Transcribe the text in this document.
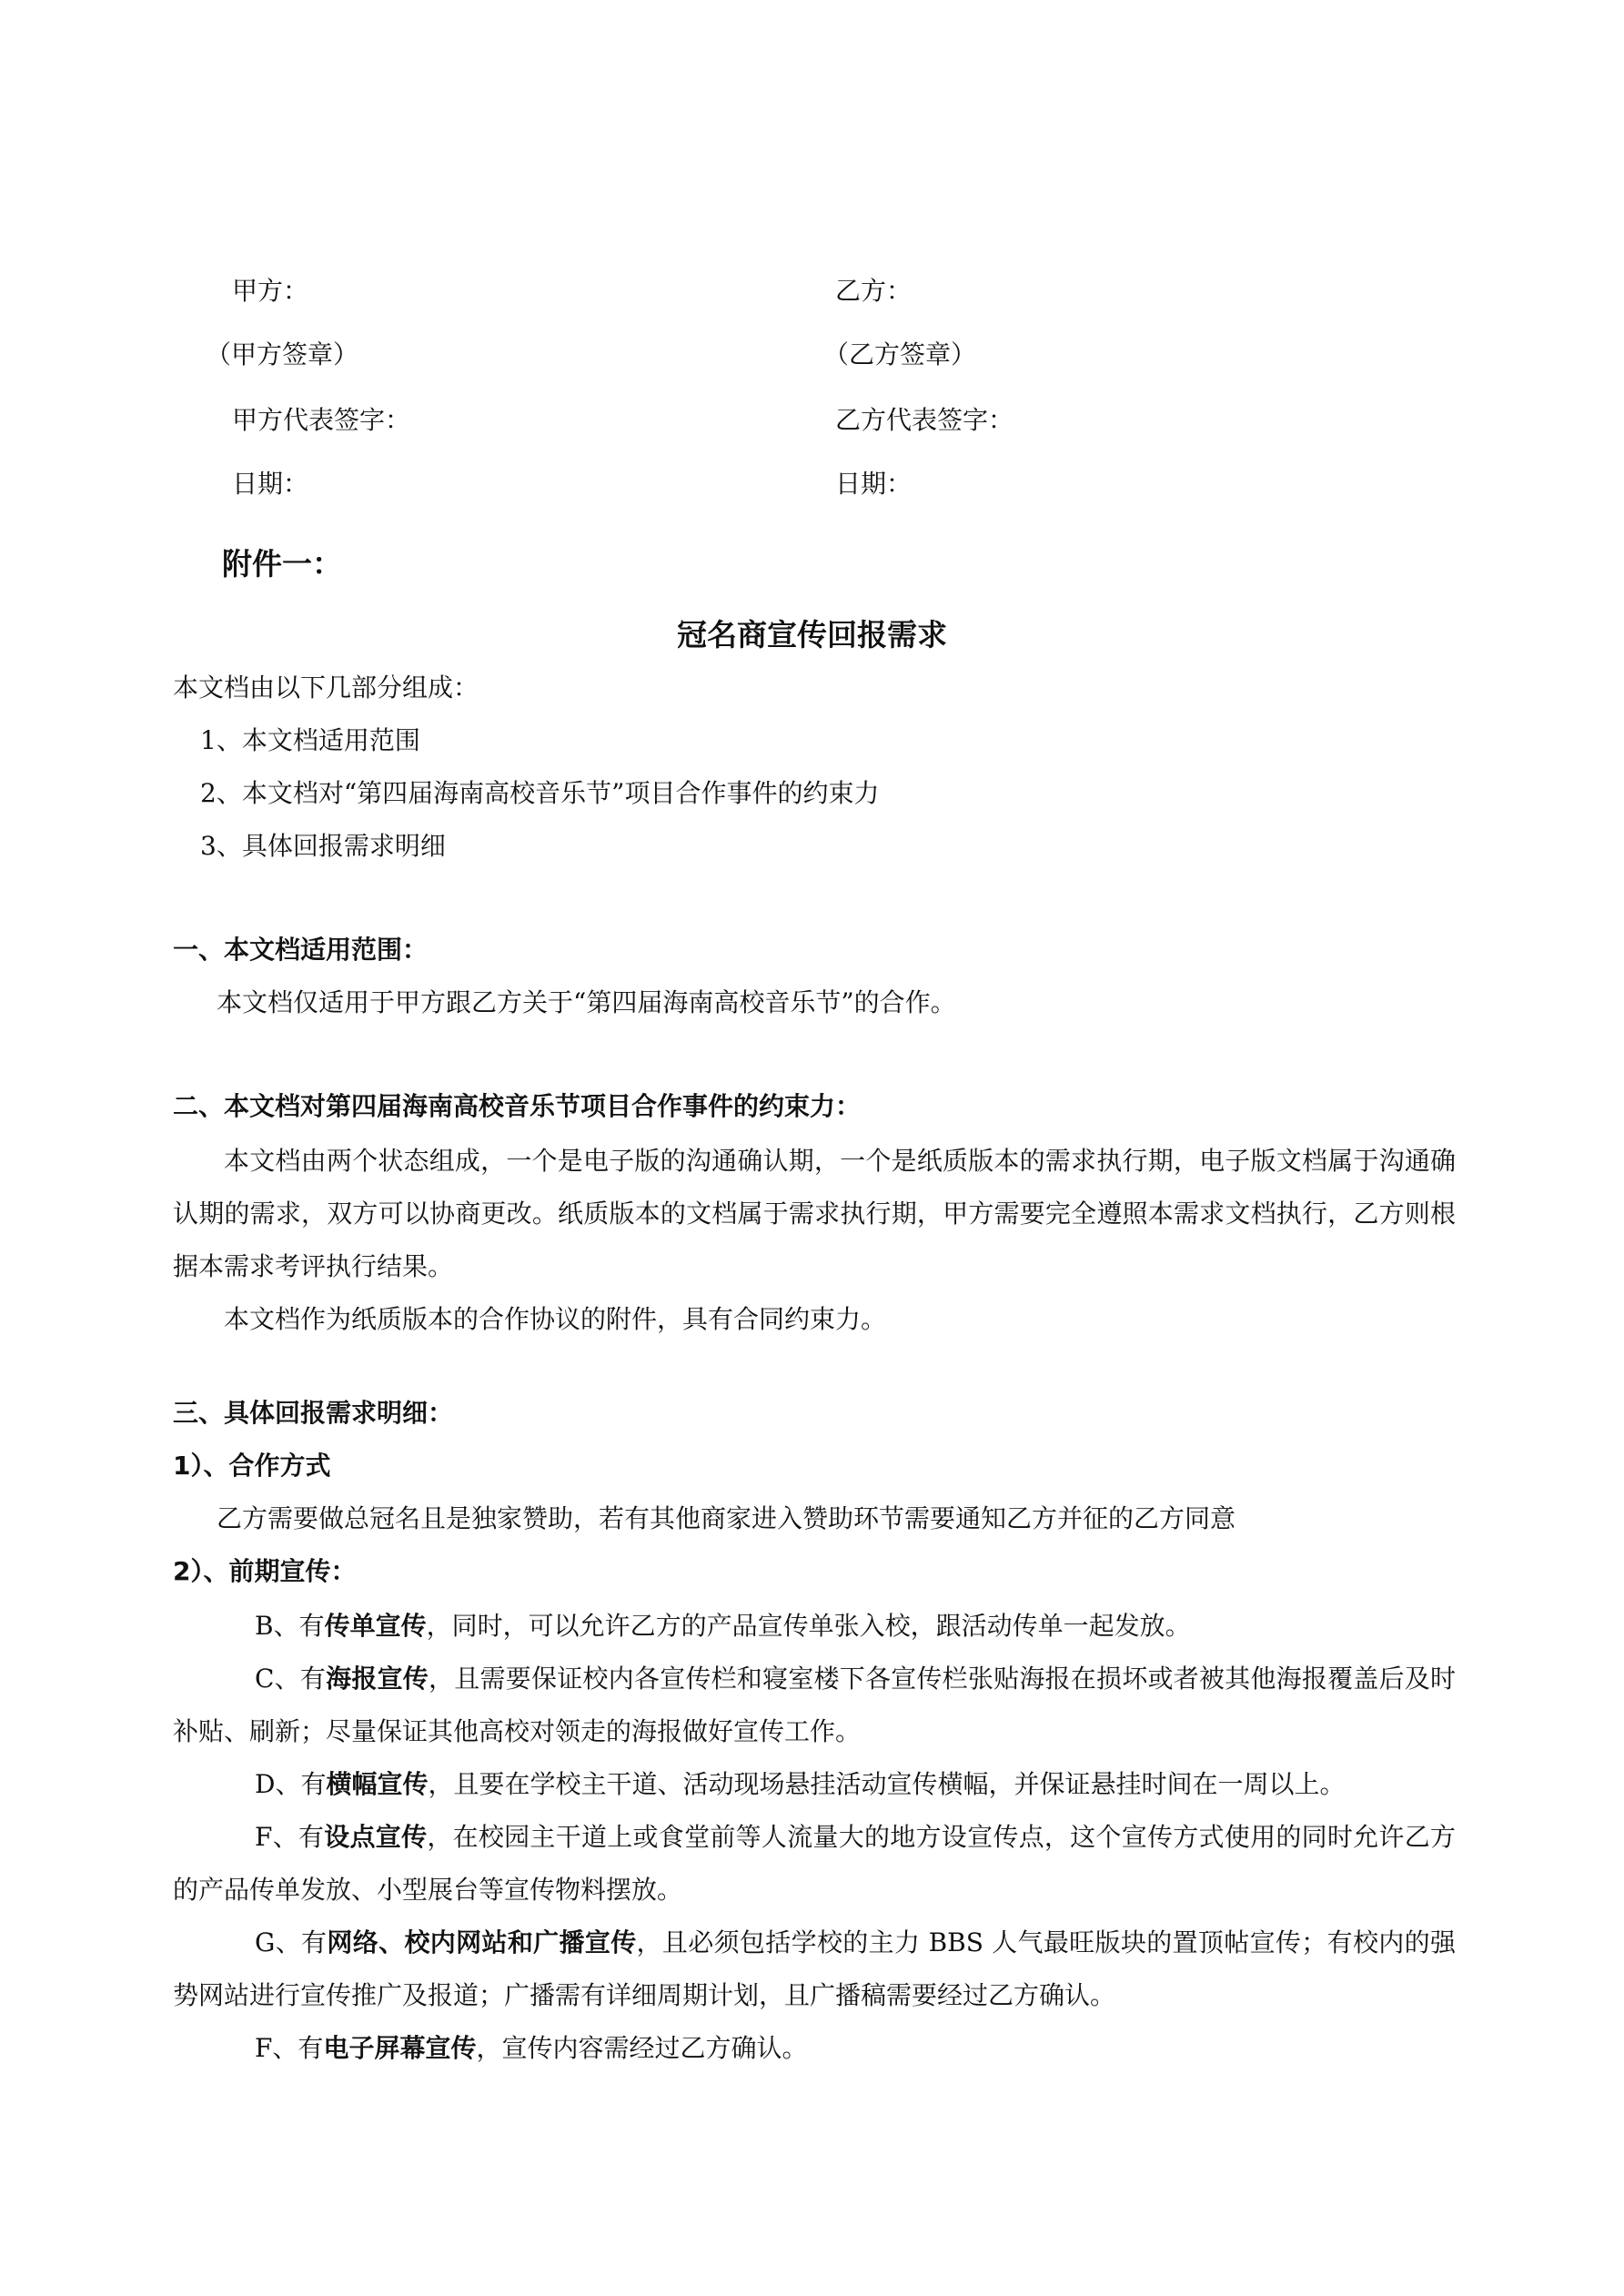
甲方：	乙方：
（甲方签章）	（乙方签章）
甲方代表签字：	乙方代表签字：
日期：	日期：
附件一：
冠名商宣传回报需求
本文档由以下几部分组成：
1、本文档适用范围
2、本文档对“第四届海南高校音乐节”项目合作事件的约束力
3、具体回报需求明细
一、本文档适用范围：
本文档仅适用于甲方跟乙方关于“第四届海南高校音乐节”的合作。
二、本文档对第四届海南高校音乐节项目合作事件的约束力：

本文档由两个状态组成，一个是电子版的沟通确认期，一个是纸质版本的需求执行期，电子版文档属于沟通确认期的需求，双方可以协商更改。纸质版本的文档属于需求执行期，甲方需要完全遵照本需求文档执行，乙方则根据本需求考评执行结果。

本文档作为纸质版本的合作协议的附件，具有合同约束力。

三、具体回报需求明细：
1）、合作方式
乙方需要做总冠名且是独家赞助，若有其他商家进入赞助环节需要通知乙方并征的乙方同意
2）、前期宣传：

B、有传单宣传，同时，可以允许乙方的产品宣传单张入校，跟活动传单一起发放。

C、有海报宣传，且需要保证校内各宣传栏和寝室楼下各宣传栏张贴海报在损坏或者被其他海报覆盖后及时补贴、刷新；尽量保证其他高校对领走的海报做好宣传工作。

D、有横幅宣传，且要在学校主干道、活动现场悬挂活动宣传横幅，并保证悬挂时间在一周以上。

F、有设点宣传，在校园主干道上或食堂前等人流量大的地方设宣传点，这个宣传方式使用的同时允许乙方的产品传单发放、小型展台等宣传物料摆放。

G、有网络、校内网站和广播宣传，且必须包括学校的主力 BBS 人气最旺版块的置顶帖宣传；有校内的强势网站进行宣传推广及报道；广播需有详细周期计划，且广播稿需要经过乙方确认。

F、有电子屏幕宣传，宣传内容需经过乙方确认。
